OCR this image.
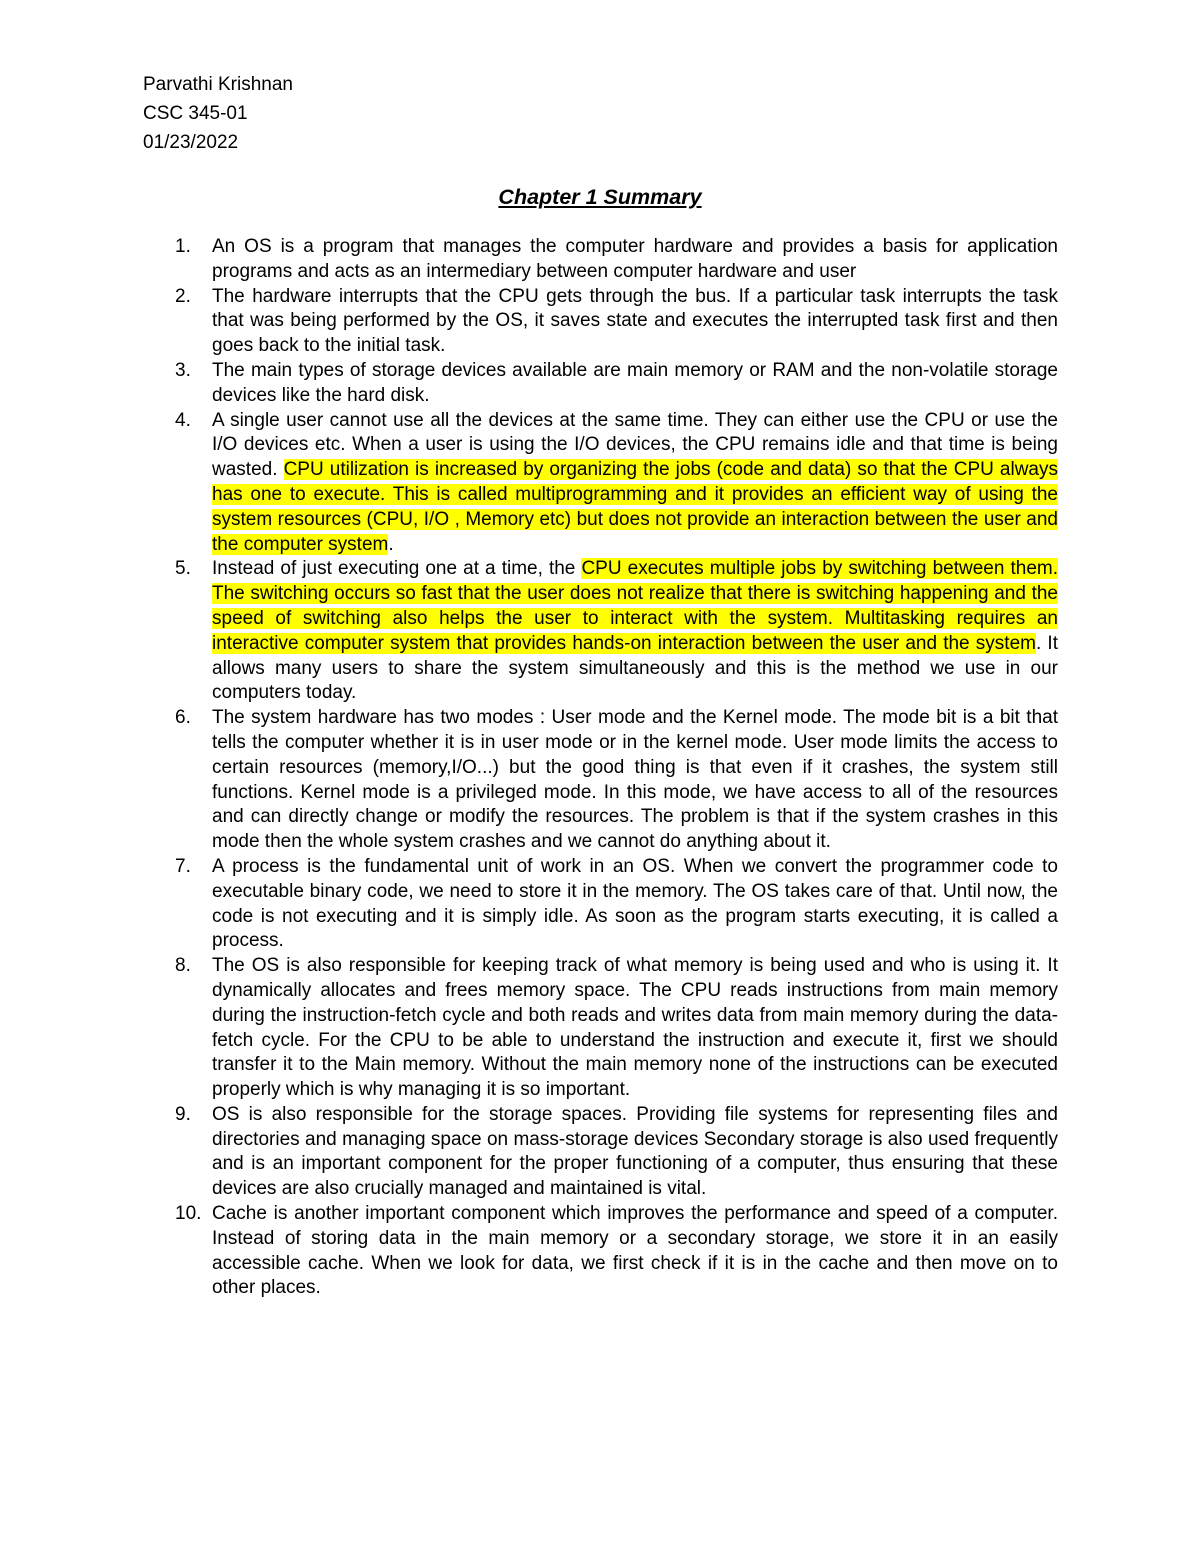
Parvathi Krishnan
CSC 345-01
01/23/2022
Chapter 1 Summary
1. An OS is a program that manages the computer hardware and provides a basis for application programs and acts as an intermediary between computer hardware and user
2. The hardware interrupts that the CPU gets through the bus. If a particular task interrupts the task that was being performed by the OS, it saves state and executes the interrupted task first and then goes back to the initial task.
3. The main types of storage devices available are main memory or RAM and the non-volatile storage devices like the hard disk.
4. A single user cannot use all the devices at the same time. They can either use the CPU or use the I/O devices etc. When a user is using the I/O devices, the CPU remains idle and that time is being wasted. CPU utilization is increased by organizing the jobs (code and data) so that the CPU always has one to execute. This is called multiprogramming and it provides an efficient way of using the system resources (CPU, I/O , Memory etc) but does not provide an interaction between the user and the computer system.
5. Instead of just executing one at a time, the CPU executes multiple jobs by switching between them. The switching occurs so fast that the user does not realize that there is switching happening and the speed of switching also helps the user to interact with the system. Multitasking requires an interactive computer system that provides hands-on interaction between the user and the system. It allows many users to share the system simultaneously and this is the method we use in our computers today.
6. The system hardware has two modes : User mode and the Kernel mode. The mode bit is a bit that tells the computer whether it is in user mode or in the kernel mode. User mode limits the access to certain resources (memory,I/O...) but the good thing is that even if it crashes, the system still functions. Kernel mode is a privileged mode. In this mode, we have access to all of the resources and can directly change or modify the resources. The problem is that if the system crashes in this mode then the whole system crashes and we cannot do anything about it.
7. A process is the fundamental unit of work in an OS. When we convert the programmer code to executable binary code, we need to store it in the memory. The OS takes care of that. Until now, the code is not executing and it is simply idle. As soon as the program starts executing, it is called a process.
8. The OS is also responsible for keeping track of what memory is being used and who is using it. It dynamically allocates and frees memory space. The CPU reads instructions from main memory during the instruction-fetch cycle and both reads and writes data from main memory during the data-fetch cycle. For the CPU to be able to understand the instruction and execute it, first we should transfer it to the Main memory. Without the main memory none of the instructions can be executed properly which is why managing it is so important.
9. OS is also responsible for the storage spaces. Providing file systems for representing files and directories and managing space on mass-storage devices Secondary storage is also used frequently and is an important component for the proper functioning of a computer, thus ensuring that these devices are also crucially managed and maintained is vital.
10. Cache is another important component which improves the performance and speed of a computer. Instead of storing data in the main memory or a secondary storage, we store it in an easily accessible cache. When we look for data, we first check if it is in the cache and then move on to other places.
